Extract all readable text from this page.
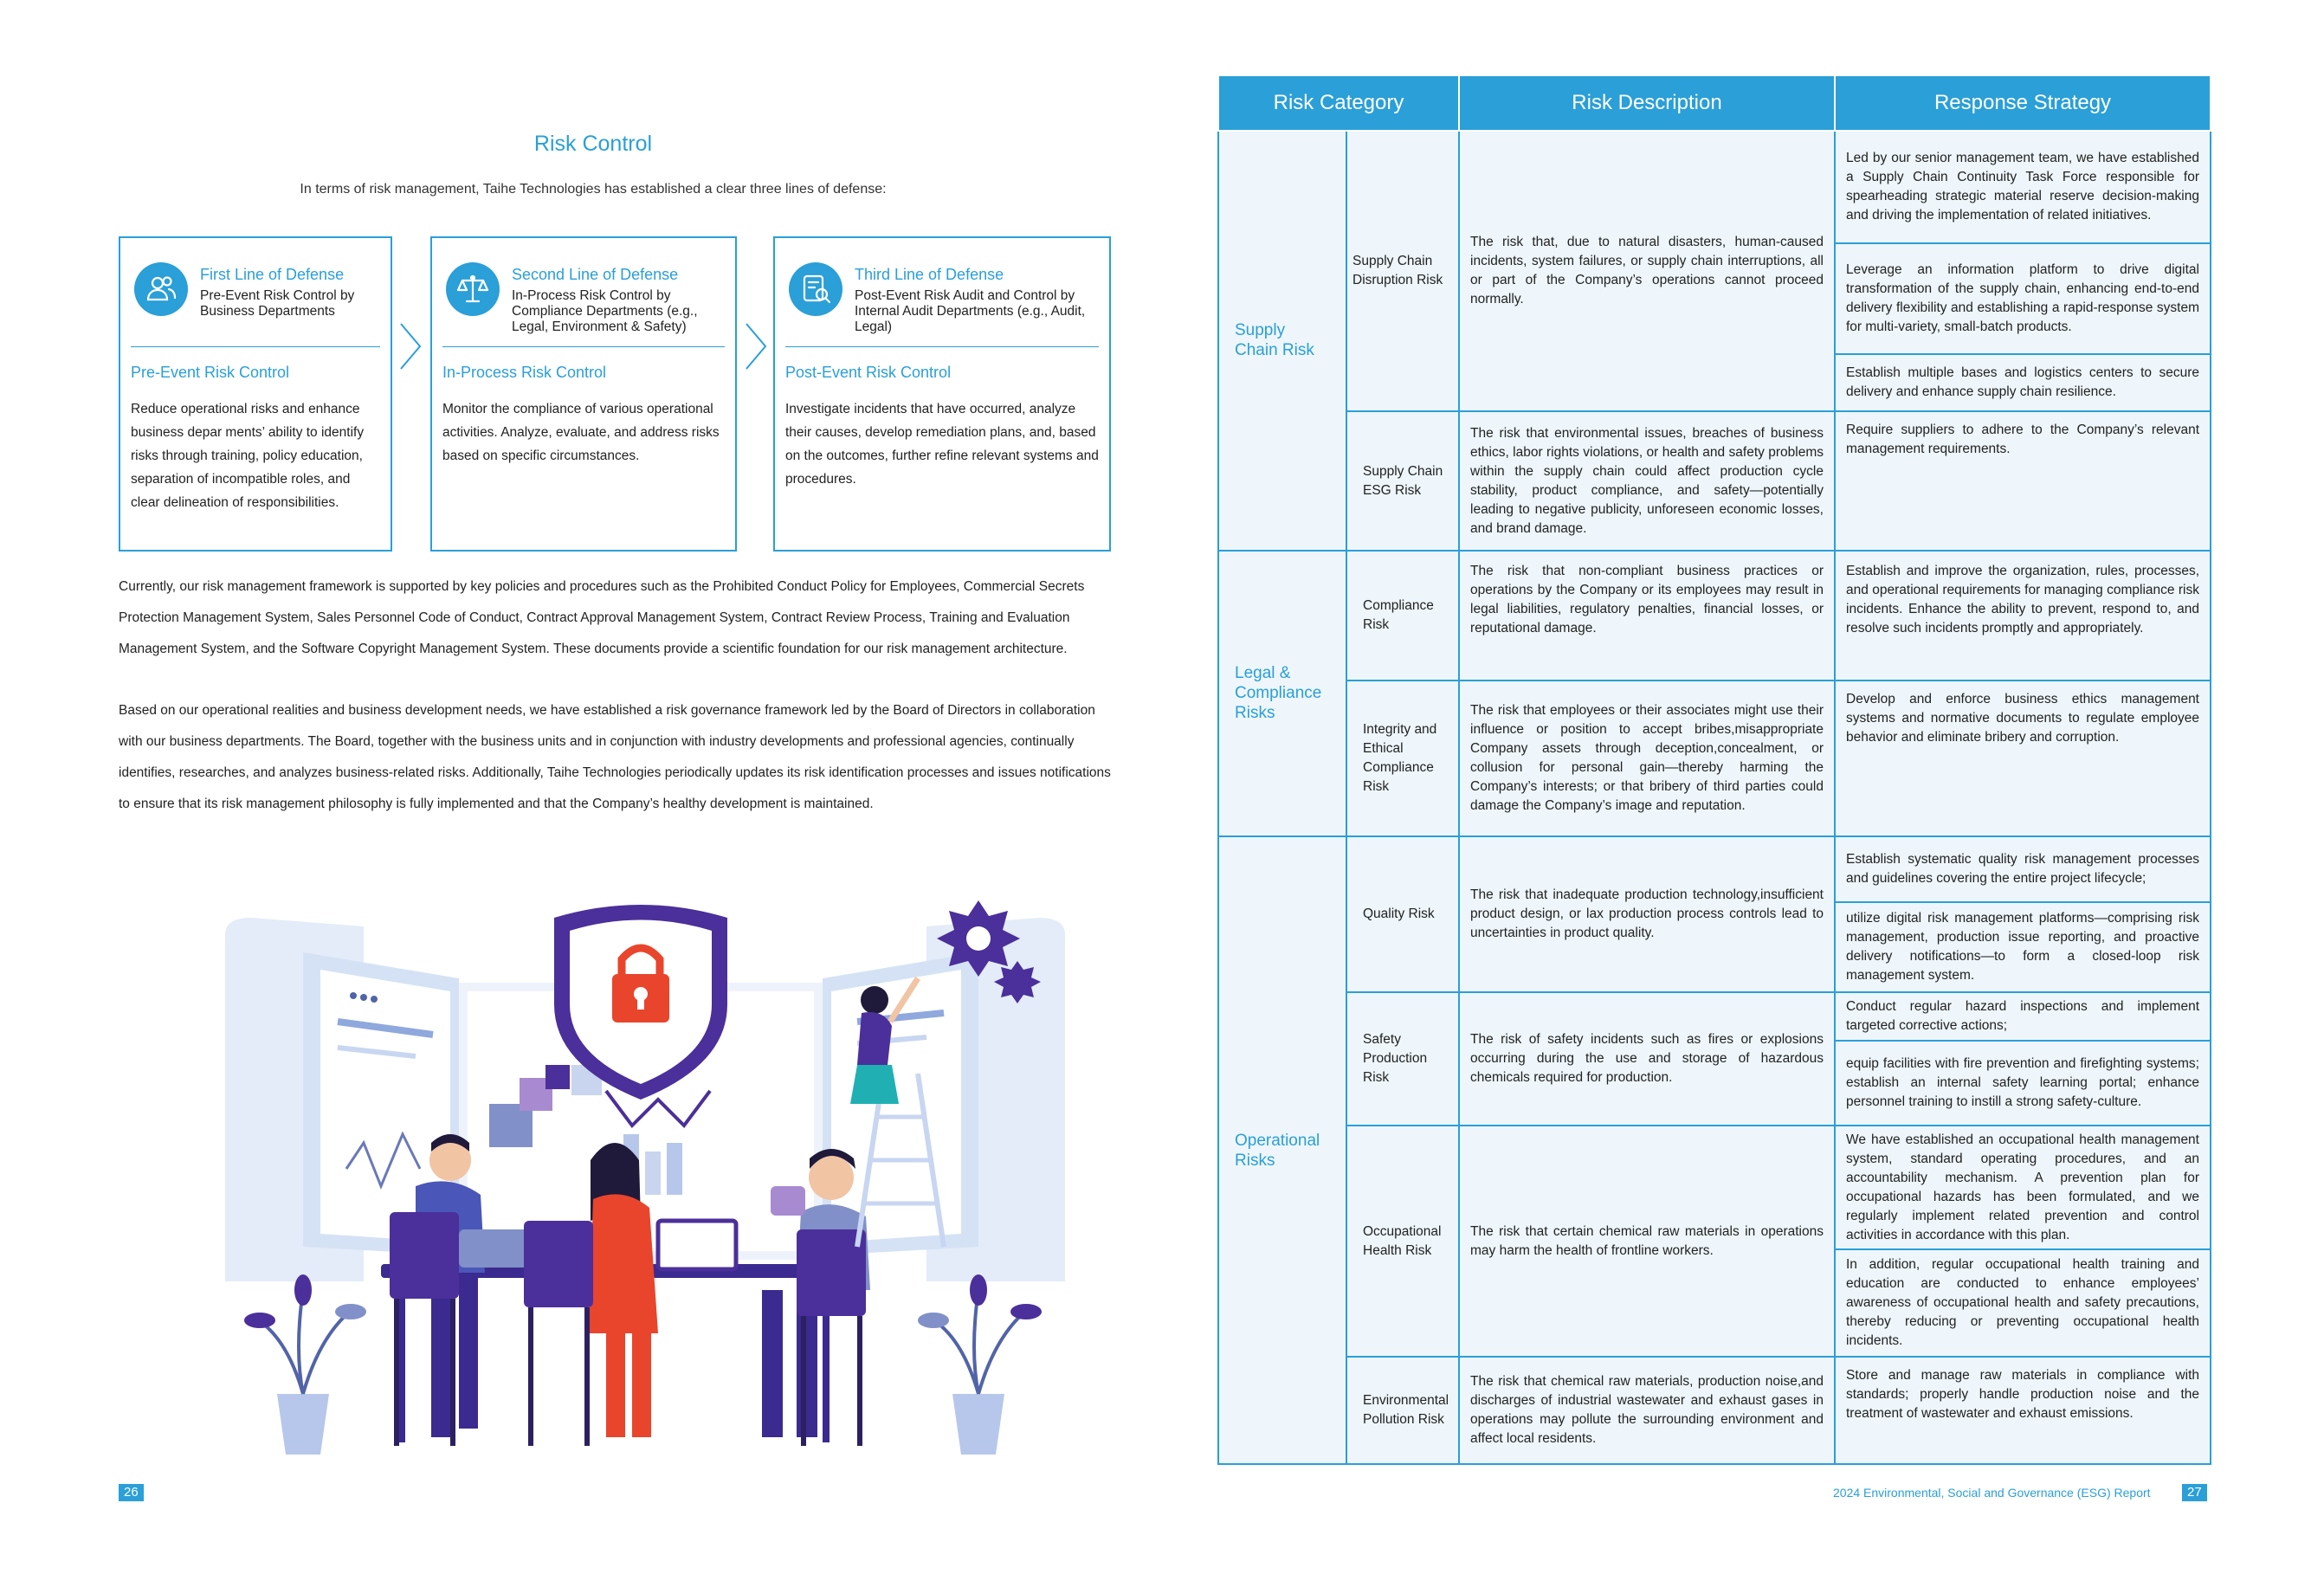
Risk Control
In terms of risk management, Taihe Technologies has established a clear three lines of defense:
First Line of Defense
Pre-Event Risk Control by Business Departments
Pre-Event Risk Control
Reduce operational risks and enhance business depar ments’ ability to identify risks through training, policy education, separation of incompatible roles, and clear delineation of responsibilities.
Second Line of Defense
In-Process Risk Control by Compliance Departments (e.g., Legal, Environment & Safety)
In-Process Risk Control
Monitor the compliance of various operational activities. Analyze, evaluate, and address risks based on specific circumstances.
Third Line of Defense
Post-Event Risk Audit and Control by Internal Audit Departments (e.g., Audit, Legal)
Post-Event Risk Control
Investigate incidents that have occurred, analyze their causes, develop remediation plans, and, based on the outcomes, further refine relevant systems and procedures.
Currently, our risk management framework is supported by key policies and procedures such as the Prohibited Conduct Policy for Employees, Commercial Secrets Protection Management System, Sales Personnel Code of Conduct, Contract Approval Management System, Contract Review Process, Training and Evaluation Management System, and the Software Copyright Management System. These documents provide a scientific foundation for our risk management architecture.
Based on our operational realities and business development needs, we have established a risk governance framework led by the Board of Directors in collaboration with our business departments. The Board, together with the business units and in conjunction with industry developments and professional agencies, continually identifies, researches, and analyzes business-related risks. Additionally, Taihe Technologies periodically updates its risk identification processes and issues notifications to ensure that its risk management philosophy is fully implemented and that the Company’s healthy development is maintained.
26
Risk Category		Risk Description	Response Strategy
Supply Chain Risk	Supply Chain Disruption Risk	The risk that, due to natural disasters, human-caused incidents, system failures, or supply chain interruptions, all or part of the Company’s operations cannot proceed normally.	Led by our senior management team, we have established a Supply Chain Continuity Task Force responsible for spearheading strategic material reserve decision-making and driving the implementation of related initiatives.
			Leverage an information platform to drive digital transformation of the supply chain, enhancing end-to-end delivery flexibility and establishing a rapid-response system for multi-variety, small-batch products.
			Establish multiple bases and logistics centers to secure delivery and enhance supply chain resilience.
	Supply Chain ESG Risk	The risk that environmental issues, breaches of business ethics, labor rights violations, or health and safety problems within the supply chain could affect production cycle stability, product compliance, and safety—potentially leading to negative publicity, unforeseen economic losses, and brand damage.	Require suppliers to adhere to the Company’s relevant management requirements.
Legal & Compliance Risks	Compliance Risk	The risk that non-compliant business practices or operations by the Company or its employees may result in legal liabilities, regulatory penalties, financial losses, or reputational damage.	Establish and improve the organization, rules, processes, and operational requirements for managing compliance risk incidents. Enhance the ability to prevent, respond to, and resolve such incidents promptly and appropriately.
	Integrity and Ethical Compliance Risk	The risk that employees or their associates might use their influence or position to accept bribes,misappropriate Company assets through deception,concealment, or collusion for personal gain—thereby harming the Company’s interests; or that bribery of third parties could damage the Company’s image and reputation.	Develop and enforce business ethics management systems and normative documents to regulate employee behavior and eliminate bribery and corruption.
Operational Risks	Quality Risk	The risk that inadequate production technology,insufficient product design, or lax production process controls lead to uncertainties in product quality.	Establish systematic quality risk management processes and guidelines covering the entire project lifecycle;
			utilize digital risk management platforms—comprising risk management, production issue reporting, and proactive delivery notifications—to form a closed-loop risk management system.
	Safety Production Risk	The risk of safety incidents such as fires or explosions occurring during the use and storage of hazardous chemicals required for production.	Conduct regular hazard inspections and implement targeted corrective actions;
			equip facilities with fire prevention and firefighting systems; establish an internal safety learning portal; enhance personnel training to instill a strong safety-culture.
	Occupational Health Risk	The risk that certain chemical raw materials in operations may harm the health of frontline workers.	We have established an occupational health management system, standard operating procedures, and an accountability mechanism. A prevention plan for occupational hazards has been formulated, and we regularly implement related prevention and control activities in accordance with this plan.
			In addition, regular occupational health training and education are conducted to enhance employees’ awareness of occupational health and safety precautions, thereby reducing or preventing occupational health incidents.
	Environmental Pollution Risk	The risk that chemical raw materials, production noise,and discharges of industrial wastewater and exhaust gases in operations may pollute the surrounding environment and affect local residents.	Store and manage raw materials in compliance with standards; properly handle production noise and the treatment of wastewater and exhaust emissions.
2024 Environmental, Social and Governance (ESG) Report	27
